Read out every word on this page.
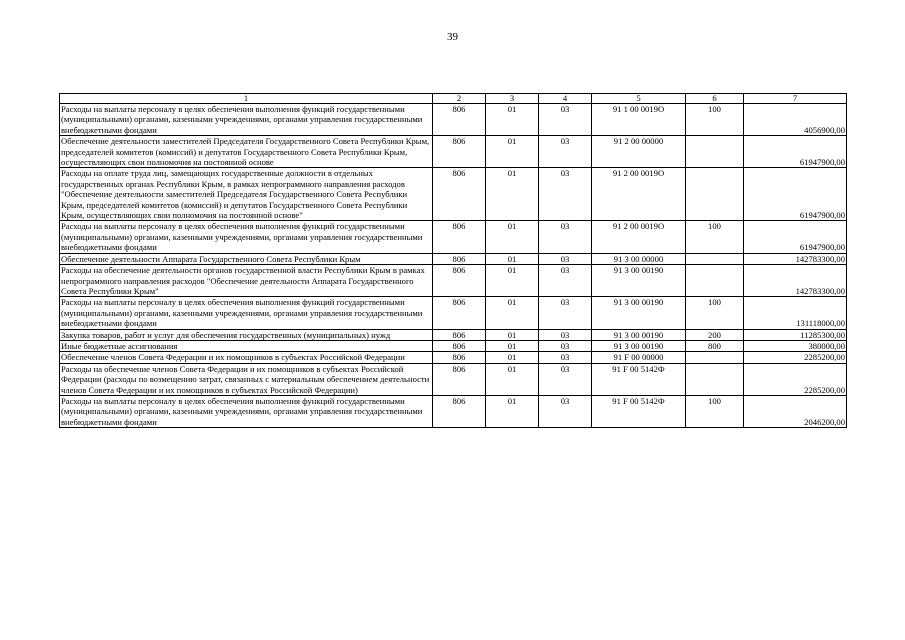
39
1	2	3	4	5	6	7
Расходы на выплаты персоналу в целях обеспечения выполнения функций государственными (муниципальными) органами, казенными учреждениями, органами управления государственными внебюджетными фондами	806	01	03	91 1 00 0019О	100	4056900,00
Обеспечение деятельности заместителей Председателя Государственного Совета Республики Крым, председателей комитетов (комиссий) и депутатов Государственного Совета Республики Крым, осуществляющих свои полномочия на постоянной основе	806	01	03	91 2 00 00000		61947900,00
Расходы на оплате труда лиц, замещающих государственные должности в отдельных государственных органах Республики Крым, в рамках непрограммного направления расходов "Обеспечение деятельности заместителей Председателя Государственного Совета Республики Крым, председателей комитетов (комиссий) и депутатов Государственного Совета Республики Крым, осуществляющих свои полномочия на постоянной основе"	806	01	03	91 2 00 0019О		61947900,00
Расходы на выплаты персоналу в целях обеспечения выполнения функций государственными (муниципальными) органами, казенными учреждениями, органами управления государственными внебюджетными фондами	806	01	03	91 2 00 0019О	100	61947900,00
Обеспечение деятельности Аппарата Государственного Совета Республики Крым	806	01	03	91 3 00 00000		142783300,00
Расходы на обеспечение деятельности органов государственной власти Республики Крым в рамках непрограммного направления расходов "Обеспечение деятельности Аппарата Государственного Совета Республики Крым"	806	01	03	91 3 00 00190		142783300,00
Расходы на выплаты персоналу в целях обеспечения выполнения функций государственными (муниципальными) органами, казенными учреждениями, органами управления государственными внебюджетными фондами	806	01	03	91 3 00 00190	100	131118000,00
Закупка товаров, работ и услуг для обеспечения государственных (муниципальных) нужд	806	01	03	91 3 00 00190	200	11285300,00
Иные бюджетные ассигнования	806	01	03	91 3 00 00190	800	380000,00
Обеспечение членов Совета Федерации и их помощников в субъектах Российской Федерации	806	01	03	91 F 00 00000		2285200,00
Расходы на обеспечение членов Совета Федерации и их помощников в субъектах Российской Федерации (расходы по возмещению затрат, связанных с материальным обеспечением деятельности членов Совета Федерации и их помощников в субъектах Российской Федерации)	806	01	03	91 F 00 5142Ф		2285200,00
Расходы на выплаты персоналу в целях обеспечения выполнения функций государственными (муниципальными) органами, казенными учреждениями, органами управления государственными внебюджетными фондами	806	01	03	91 F 00 5142Ф	100	2046200,00
